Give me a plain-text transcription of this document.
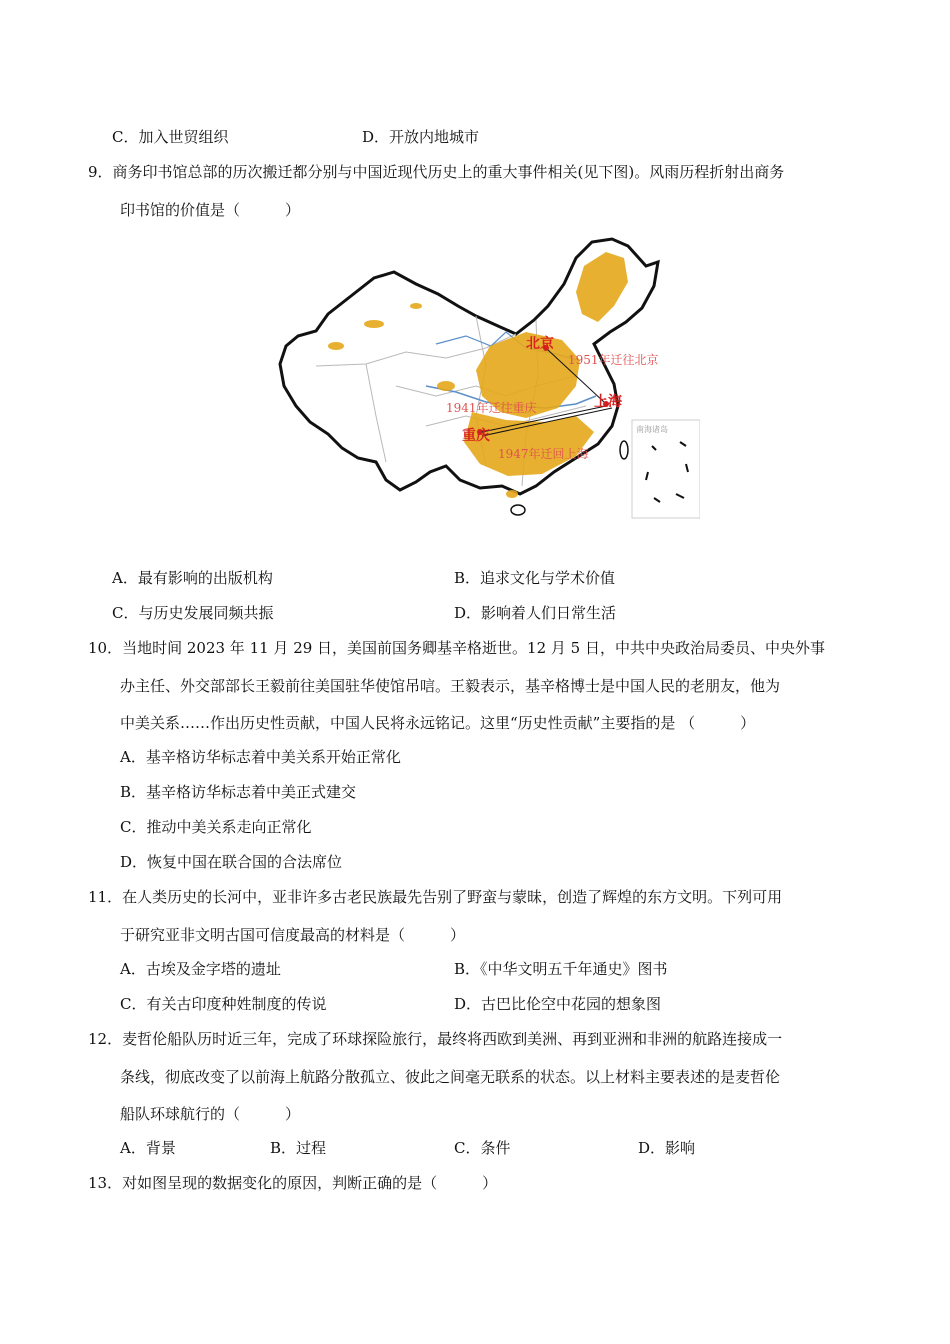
C．加入世贸组织	D．开放内地城市
9．商务印书馆总部的历次搬迁都分别与中国近现代历史上的重大事件相关(见下图)。风雨历程折射出商务
印书馆的价值是（　　　）
北京
上海
重庆
1951年迁往北京
1941年迁往重庆
1947年迁回上海
南海诸岛
A．最有影响的出版机构	B．追求文化与学术价值
C．与历史发展同频共振	D．影响着人们日常生活
10．当地时间 2023 年 11 月 29 日，美国前国务卿基辛格逝世。12 月 5 日，中共中央政治局委员、中央外事
办主任、外交部部长王毅前往美国驻华使馆吊唁。王毅表示，基辛格博士是中国人民的老朋友，他为
中美关系……作出历史性贡献，中国人民将永远铭记。这里“历史性贡献”主要指的是 （　　　）
A．基辛格访华标志着中美关系开始正常化
B．基辛格访华标志着中美正式建交
C．推动中美关系走向正常化
D．恢复中国在联合国的合法席位
11．在人类历史的长河中，亚非许多古老民族最先告别了野蛮与蒙昧，创造了辉煌的东方文明。下列可用
于研究亚非文明古国可信度最高的材料是（　　　）
A．古埃及金字塔的遗址	B．《中华文明五千年通史》图书
C．有关古印度种姓制度的传说	D．古巴比伦空中花园的想象图
12．麦哲伦船队历时近三年，完成了环球探险旅行，最终将西欧到美洲、再到亚洲和非洲的航路连接成一
条线，彻底改变了以前海上航路分散孤立、彼此之间毫无联系的状态。以上材料主要表述的是麦哲伦
船队环球航行的（　　　）
A．背景	B．过程	C．条件	D．影响
13．对如图呈现的数据变化的原因，判断正确的是（　　　）
